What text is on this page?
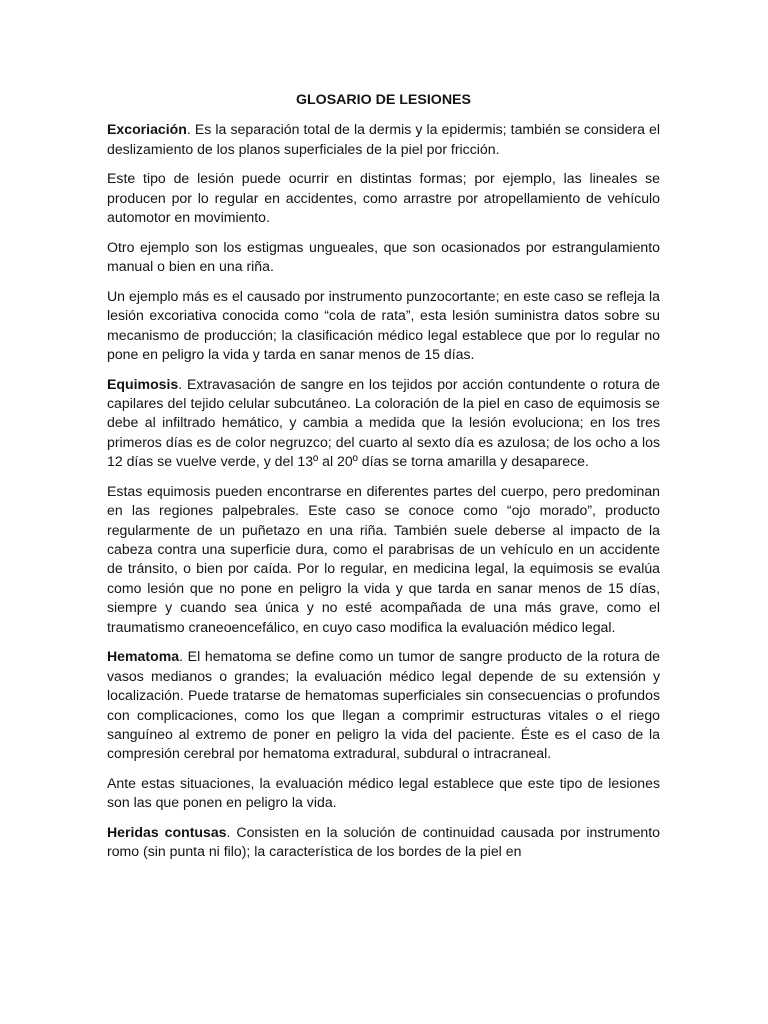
GLOSARIO DE LESIONES

Excoriación. Es la separación total de la dermis y la epidermis; también se considera el deslizamiento de los planos superficiales de la piel por fricción.

Este tipo de lesión puede ocurrir en distintas formas; por ejemplo, las lineales se producen por lo regular en accidentes, como arrastre por atropellamiento de vehículo automotor en movimiento.

Otro ejemplo son los estigmas ungueales, que son ocasionados por estrangulamiento manual o bien en una riña.

Un ejemplo más es el causado por instrumento punzocortante; en este caso se refleja la lesión excoriativa conocida como “cola de rata”, esta lesión suministra datos sobre su mecanismo de producción; la clasificación médico legal establece que por lo regular no pone en peligro la vida y tarda en sanar menos de 15 días.

Equimosis. Extravasación de sangre en los tejidos por acción contundente o rotura de capilares del tejido celular subcutáneo. La coloración de la piel en caso de equimosis se debe al infiltrado hemático, y cambia a medida que la lesión evoluciona; en los tres primeros días es de color negruzco; del cuarto al sexto día es azulosa; de los ocho a los 12 días se vuelve verde, y del 13º al 20º días se torna amarilla y desaparece.

Estas equimosis pueden encontrarse en diferentes partes del cuerpo, pero predominan en las regiones palpebrales. Este caso se conoce como “ojo morado”, producto regularmente de un puñetazo en una riña. También suele deberse al impacto de la cabeza contra una superficie dura, como el parabrisas de un vehículo en un accidente de tránsito, o bien por caída. Por lo regular, en medicina legal, la equimosis se evalúa como lesión que no pone en peligro la vida y que tarda en sanar menos de 15 días, siempre y cuando sea única y no esté acompañada de una más grave, como el traumatismo craneoencefálico, en cuyo caso modifica la evaluación médico legal.

Hematoma. El hematoma se define como un tumor de sangre producto de la rotura de vasos medianos o grandes; la evaluación médico legal depende de su extensión y localización. Puede tratarse de hematomas superficiales sin consecuencias o profundos con complicaciones, como los que llegan a comprimir estructuras vitales o el riego sanguíneo al extremo de poner en peligro la vida del paciente. Éste es el caso de la compresión cerebral por hematoma extradural, subdural o intracraneal.

Ante estas situaciones, la evaluación médico legal establece que este tipo de lesiones son las que ponen en peligro la vida.

Heridas contusas. Consisten en la solución de continuidad causada por instrumento romo (sin punta ni filo); la característica de los bordes de la piel en
